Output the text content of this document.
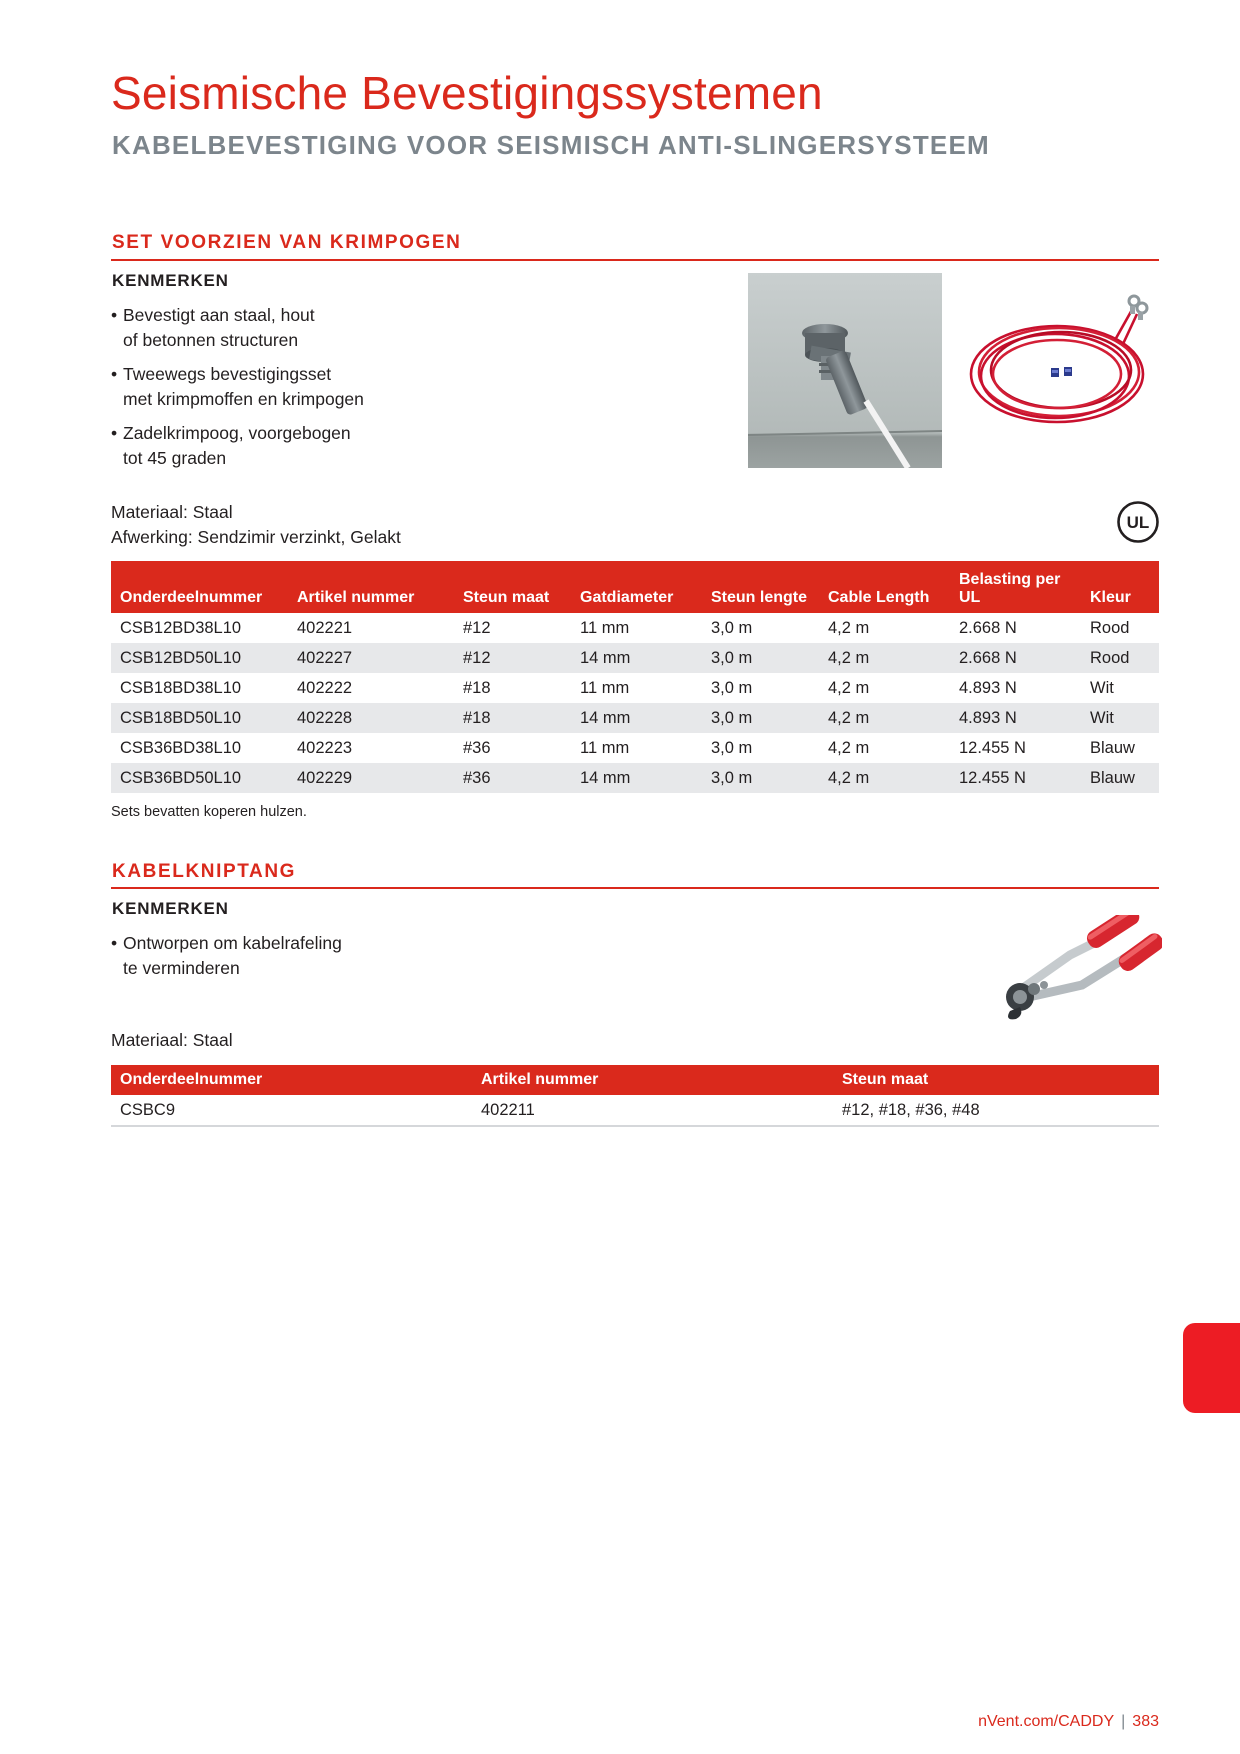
Seismische Bevestigingssystemen
KABELBEVESTIGING VOOR SEISMISCH ANTI-SLINGERSYSTEEM
SET VOORZIEN VAN KRIMPOGEN
KENMERKEN
• Bevestigt aan staal, hout
of betonnen structuren
• Tweewegs bevestigingsset
met krimpmoffen en krimpogen
• Zadelkrimpoog, voorgebogen
tot 45 graden
Materiaal: Staal
Afwerking: Sendzimir verzinkt, Gelakt
UL
Onderdeelnummer	Artikel nummer	Steun maat	Gatdiameter	Steun lengte	Cable Length	Belasting per
UL	Kleur
CSB12BD38L10	402221	#12	11 mm	3,0 m	4,2 m	2.668 N	Rood
CSB12BD50L10	402227	#12	14 mm	3,0 m	4,2 m	2.668 N	Rood
CSB18BD38L10	402222	#18	11 mm	3,0 m	4,2 m	4.893 N	Wit
CSB18BD50L10	402228	#18	14 mm	3,0 m	4,2 m	4.893 N	Wit
CSB36BD38L10	402223	#36	11 mm	3,0 m	4,2 m	12.455 N	Blauw
CSB36BD50L10	402229	#36	14 mm	3,0 m	4,2 m	12.455 N	Blauw
Sets bevatten koperen hulzen.
KABELKNIPTANG
KENMERKEN
• Ontworpen om kabelrafeling
te verminderen
Materiaal: Staal
Onderdeelnummer	Artikel nummer	Steun maat
CSBC9	402211	#12, #18, #36, #48
nVent.com/CADDY | 383
